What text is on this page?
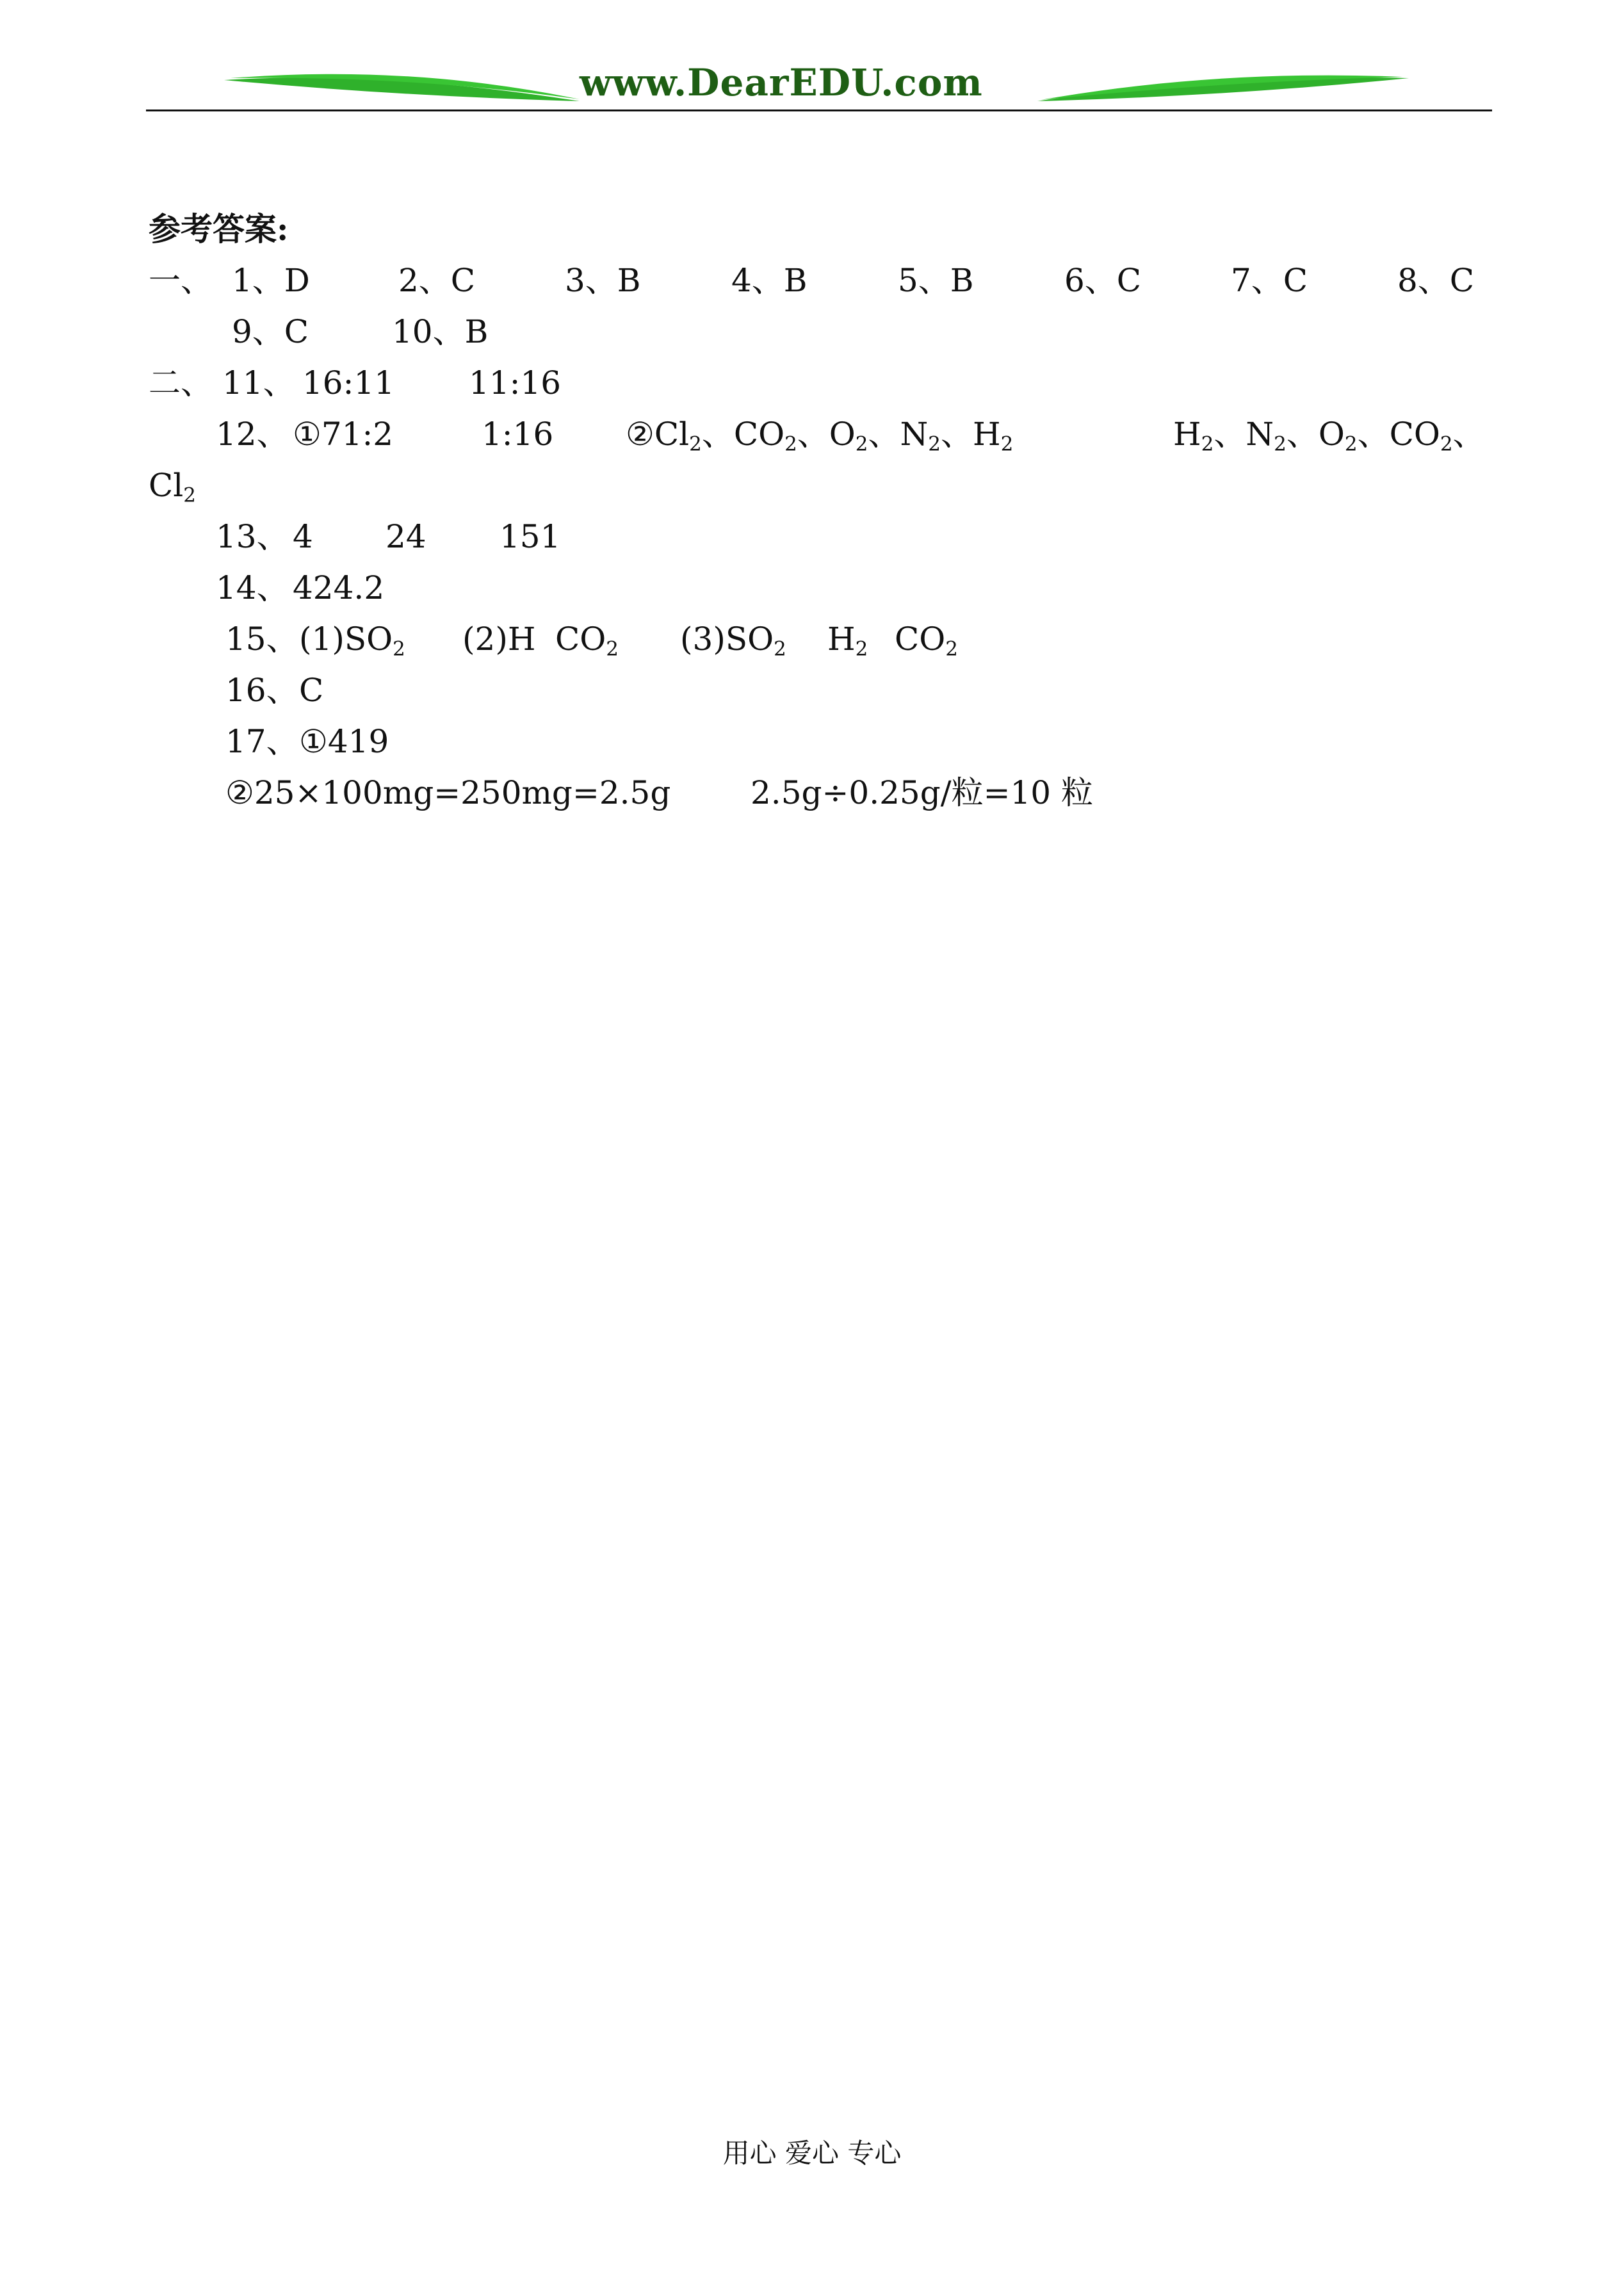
www.DearEDU.com
参考答案:
一、 1、D	2、C	3、B	4、B	5、B	6、C	7、C	8、C
9、C	10、B
二、 11、 16:11 11:16
12、 ①71:2	1:16 $②Cl_2$、$CO_2$、$O_2$、$N_2$、$H_2$	$H_2$、$N_2$、$O_2$、$CO_2$、
$Cl_2$
13、 4 24 151
14、 424.2
15、 $(1)SO_2$ (2)H $CO_2$ $(3)SO_2$ $H_2$ $CO_2$
16、 C
17、 ①419
②25×100mg=250mg=2.5g 2.5g÷0.25g/粒=10 粒
用心 爱心 专心
